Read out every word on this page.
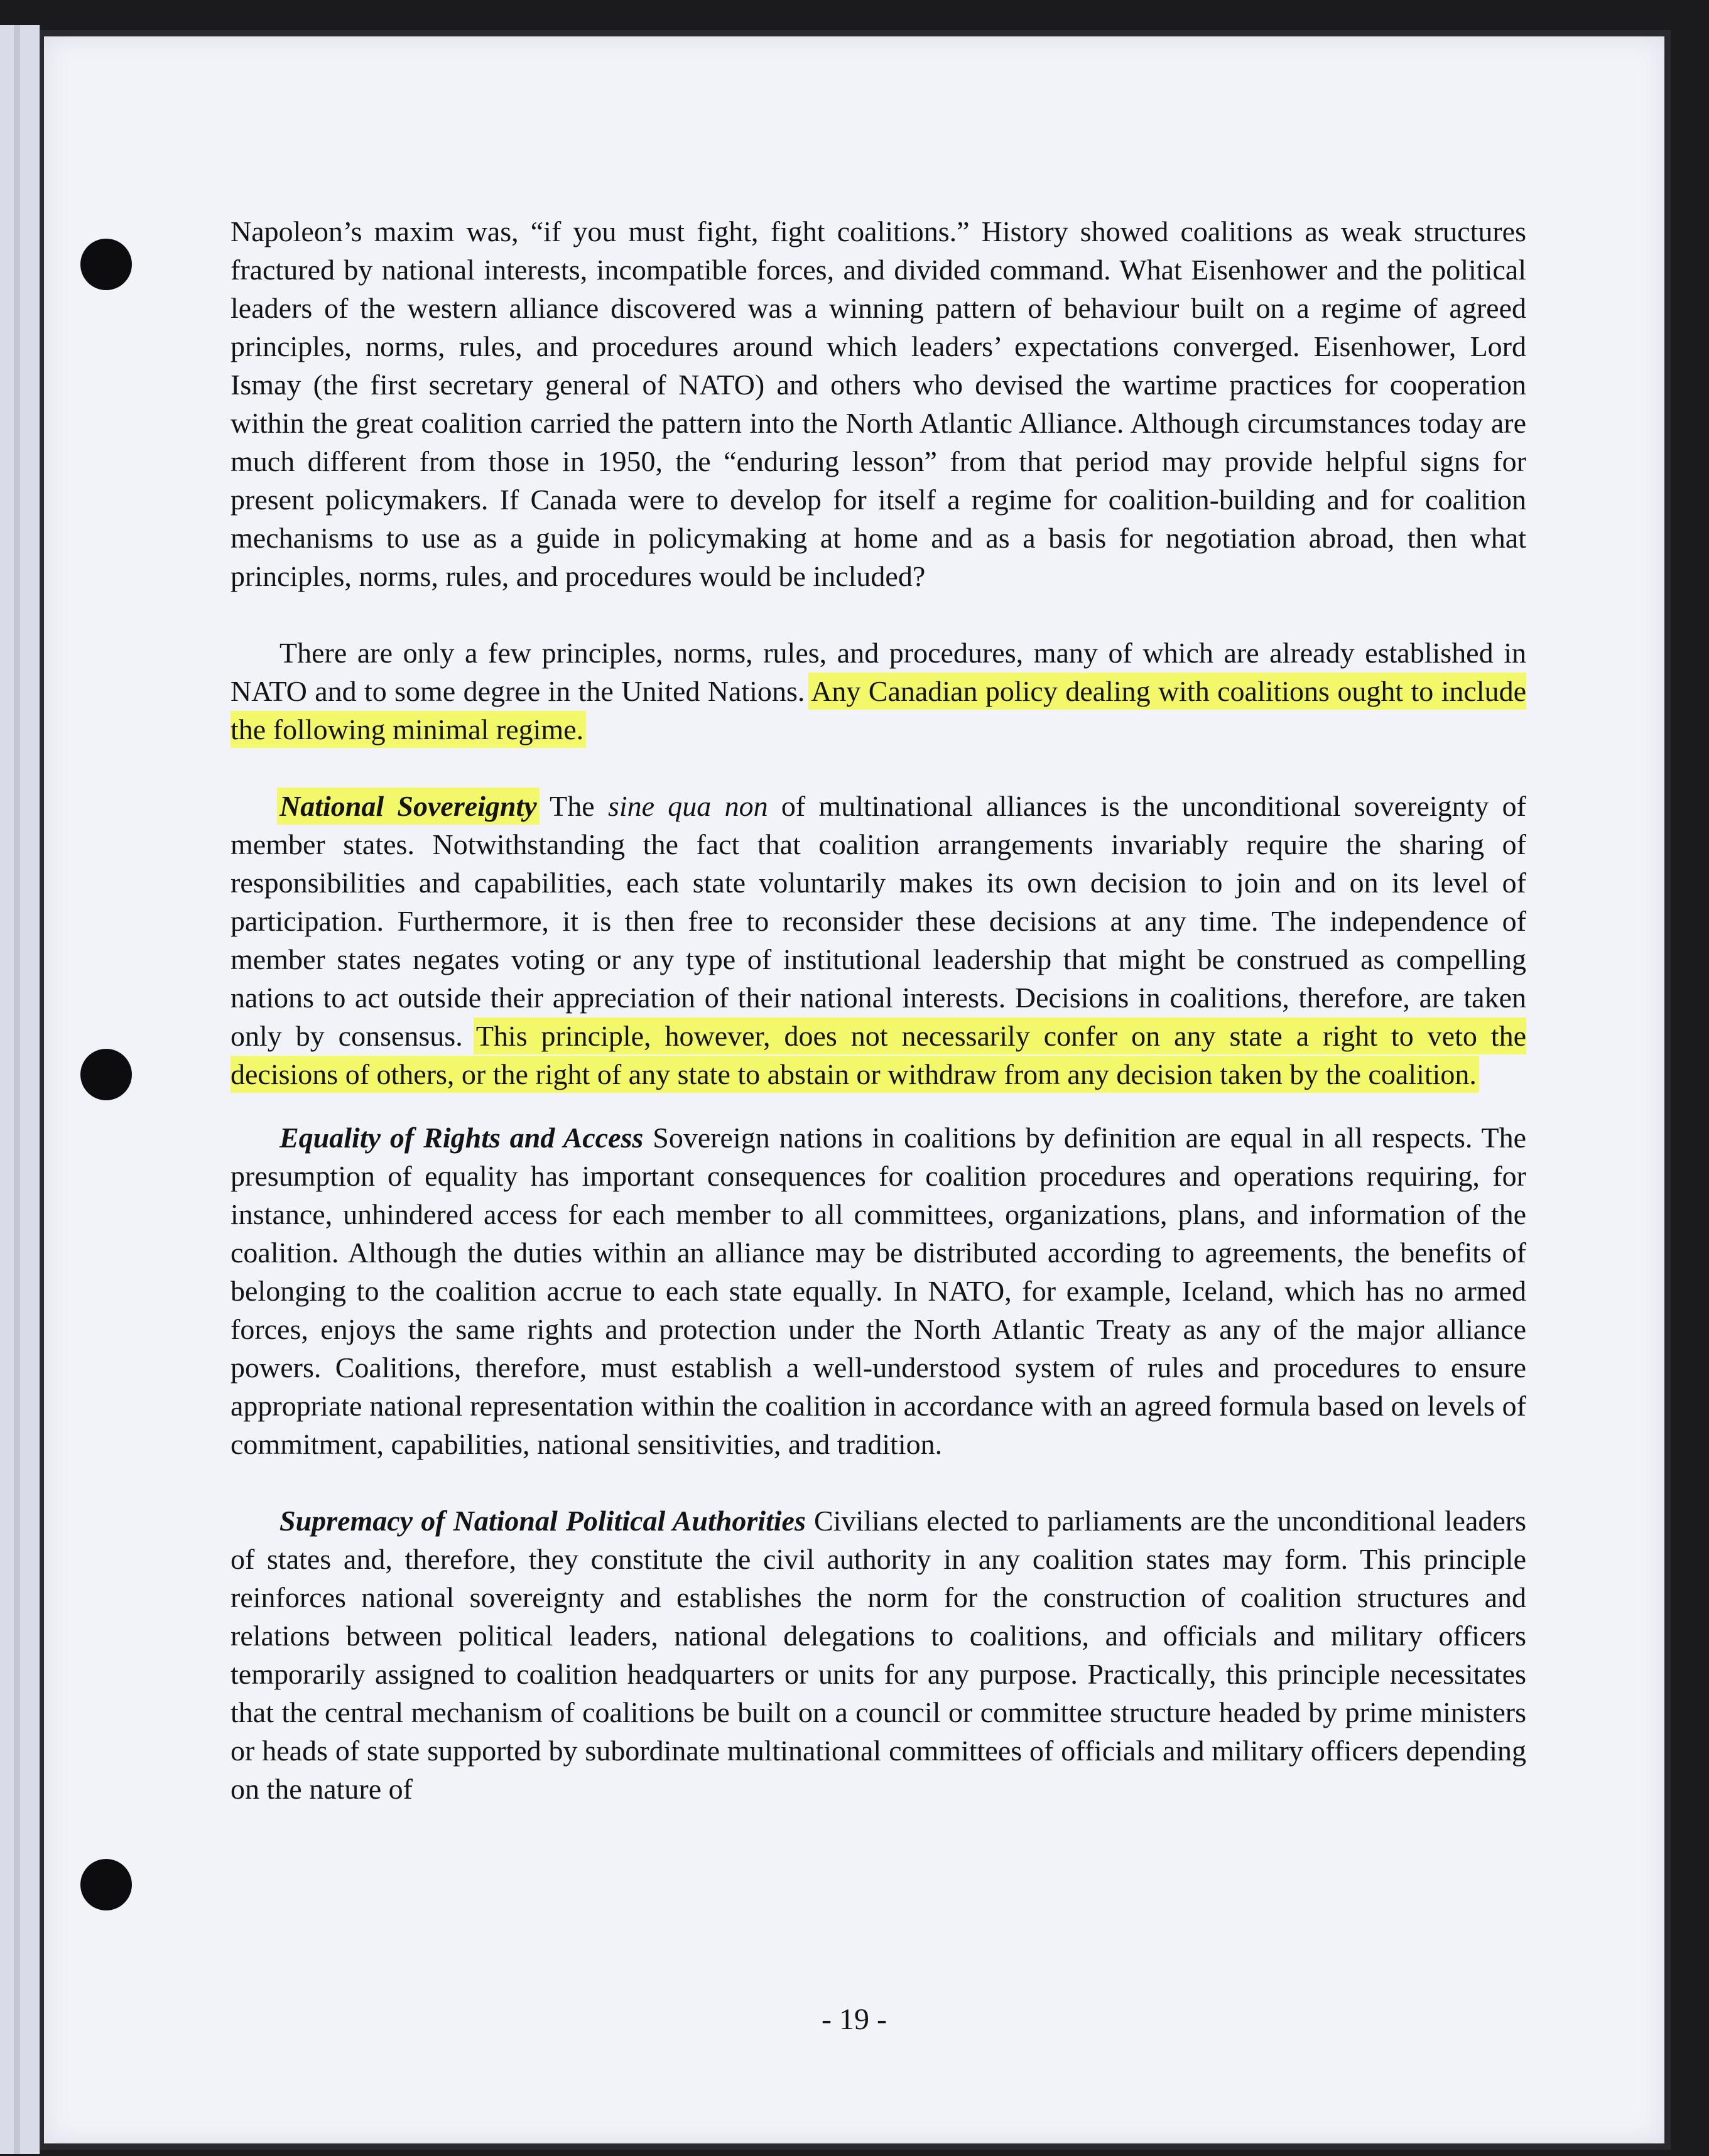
Napoleon’s maxim was, “if you must fight, fight coalitions.” History showed coalitions as weak structures fractured by national interests, incompatible forces, and divided command. What Eisenhower and the political leaders of the western alliance discovered was a winning pattern of behaviour built on a regime of agreed principles, norms, rules, and procedures around which leaders’ expectations converged. Eisenhower, Lord Ismay (the first secretary general of NATO) and others who devised the wartime practices for cooperation within the great coalition carried the pattern into the North Atlantic Alliance. Although circumstances today are much different from those in 1950, the “enduring lesson” from that period may provide helpful signs for present policymakers. If Canada were to develop for itself a regime for coalition-building and for coalition mechanisms to use as a guide in policymaking at home and as a basis for negotiation abroad, then what principles, norms, rules, and procedures would be included?

There are only a few principles, norms, rules, and procedures, many of which are already established in NATO and to some degree in the United Nations. Any Canadian policy dealing with coalitions ought to include the following minimal regime.

National Sovereignty The sine qua non of multinational alliances is the unconditional sovereignty of member states. Notwithstanding the fact that coalition arrangements invariably require the sharing of responsibilities and capabilities, each state voluntarily makes its own decision to join and on its level of participation. Furthermore, it is then free to reconsider these decisions at any time. The independence of member states negates voting or any type of institutional leadership that might be construed as compelling nations to act outside their appreciation of their national interests. Decisions in coalitions, therefore, are taken only by consensus. This principle, however, does not necessarily confer on any state a right to veto the decisions of others, or the right of any state to abstain or withdraw from any decision taken by the coalition.

Equality of Rights and Access Sovereign nations in coalitions by definition are equal in all respects. The presumption of equality has important consequences for coalition procedures and operations requiring, for instance, unhindered access for each member to all committees, organizations, plans, and information of the coalition. Although the duties within an alliance may be distributed according to agreements, the benefits of belonging to the coalition accrue to each state equally. In NATO, for example, Iceland, which has no armed forces, enjoys the same rights and protection under the North Atlantic Treaty as any of the major alliance powers. Coalitions, therefore, must establish a well-understood system of rules and procedures to ensure appropriate national representation within the coalition in accordance with an agreed formula based on levels of commitment, capabilities, national sensitivities, and tradition.

Supremacy of National Political Authorities Civilians elected to parliaments are the unconditional leaders of states and, therefore, they constitute the civil authority in any coalition states may form. This principle reinforces national sovereignty and establishes the norm for the construction of coalition structures and relations between political leaders, national delegations to coalitions, and officials and military officers temporarily assigned to coalition headquarters or units for any purpose. Practically, this principle necessitates that the central mechanism of coalitions be built on a council or committee structure headed by prime ministers or heads of state supported by subordinate multinational committees of officials and military officers depending on the nature of

- 19 -
